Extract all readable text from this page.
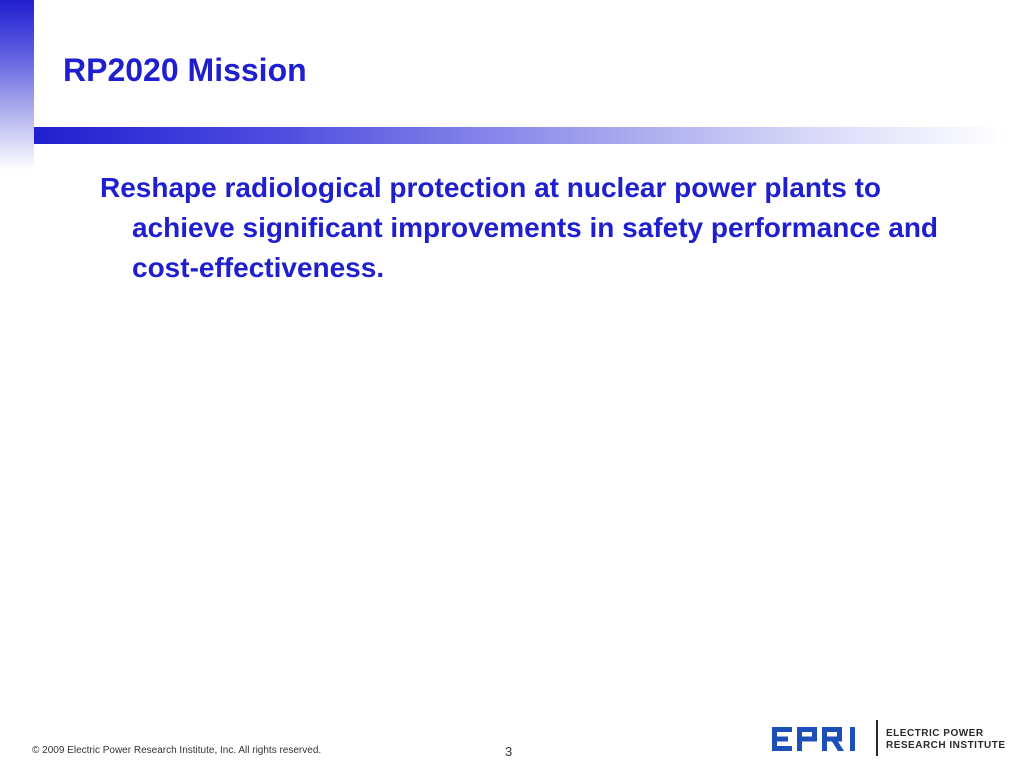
RP2020 Mission

Reshape radiological protection at nuclear power plants to achieve significant improvements in safety performance and cost-effectiveness.

© 2009 Electric Power Research Institute, Inc. All rights reserved.	3
ELECTRIC POWER
RESEARCH INSTITUTE
